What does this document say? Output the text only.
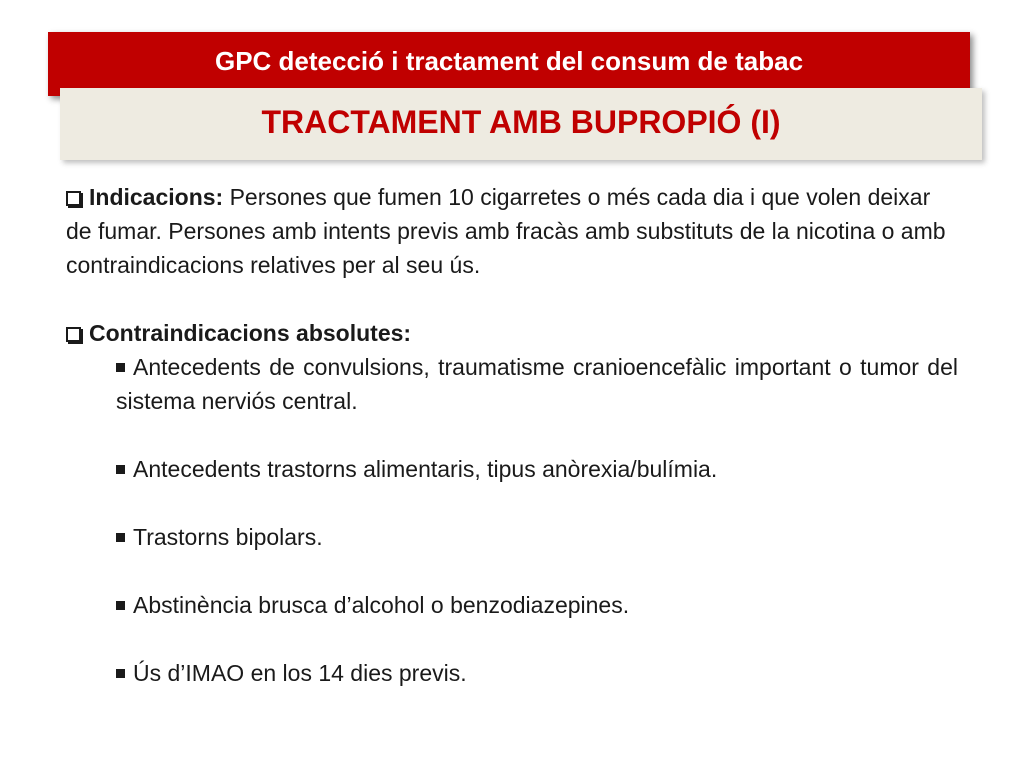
GPC detecció i tractament del consum de tabac
TRACTAMENT AMB BUPROPIÓ (I)

Indicacions: Persones que fumen 10 cigarretes o més cada dia i que volen deixar de fumar. Persones amb intents previs amb fracàs amb substituts de la nicotina o amb contraindicacions relatives per al seu ús.

Contraindicacions absolutes:

Antecedents de convulsions, traumatisme cranioencefàlic important o tumor del sistema nerviós central.

Antecedents trastorns alimentaris, tipus anòrexia/bulímia.

Trastorns bipolars.

Abstinència brusca d’alcohol o benzodiazepines.

Ús d’IMAO en los 14 dies previs.
